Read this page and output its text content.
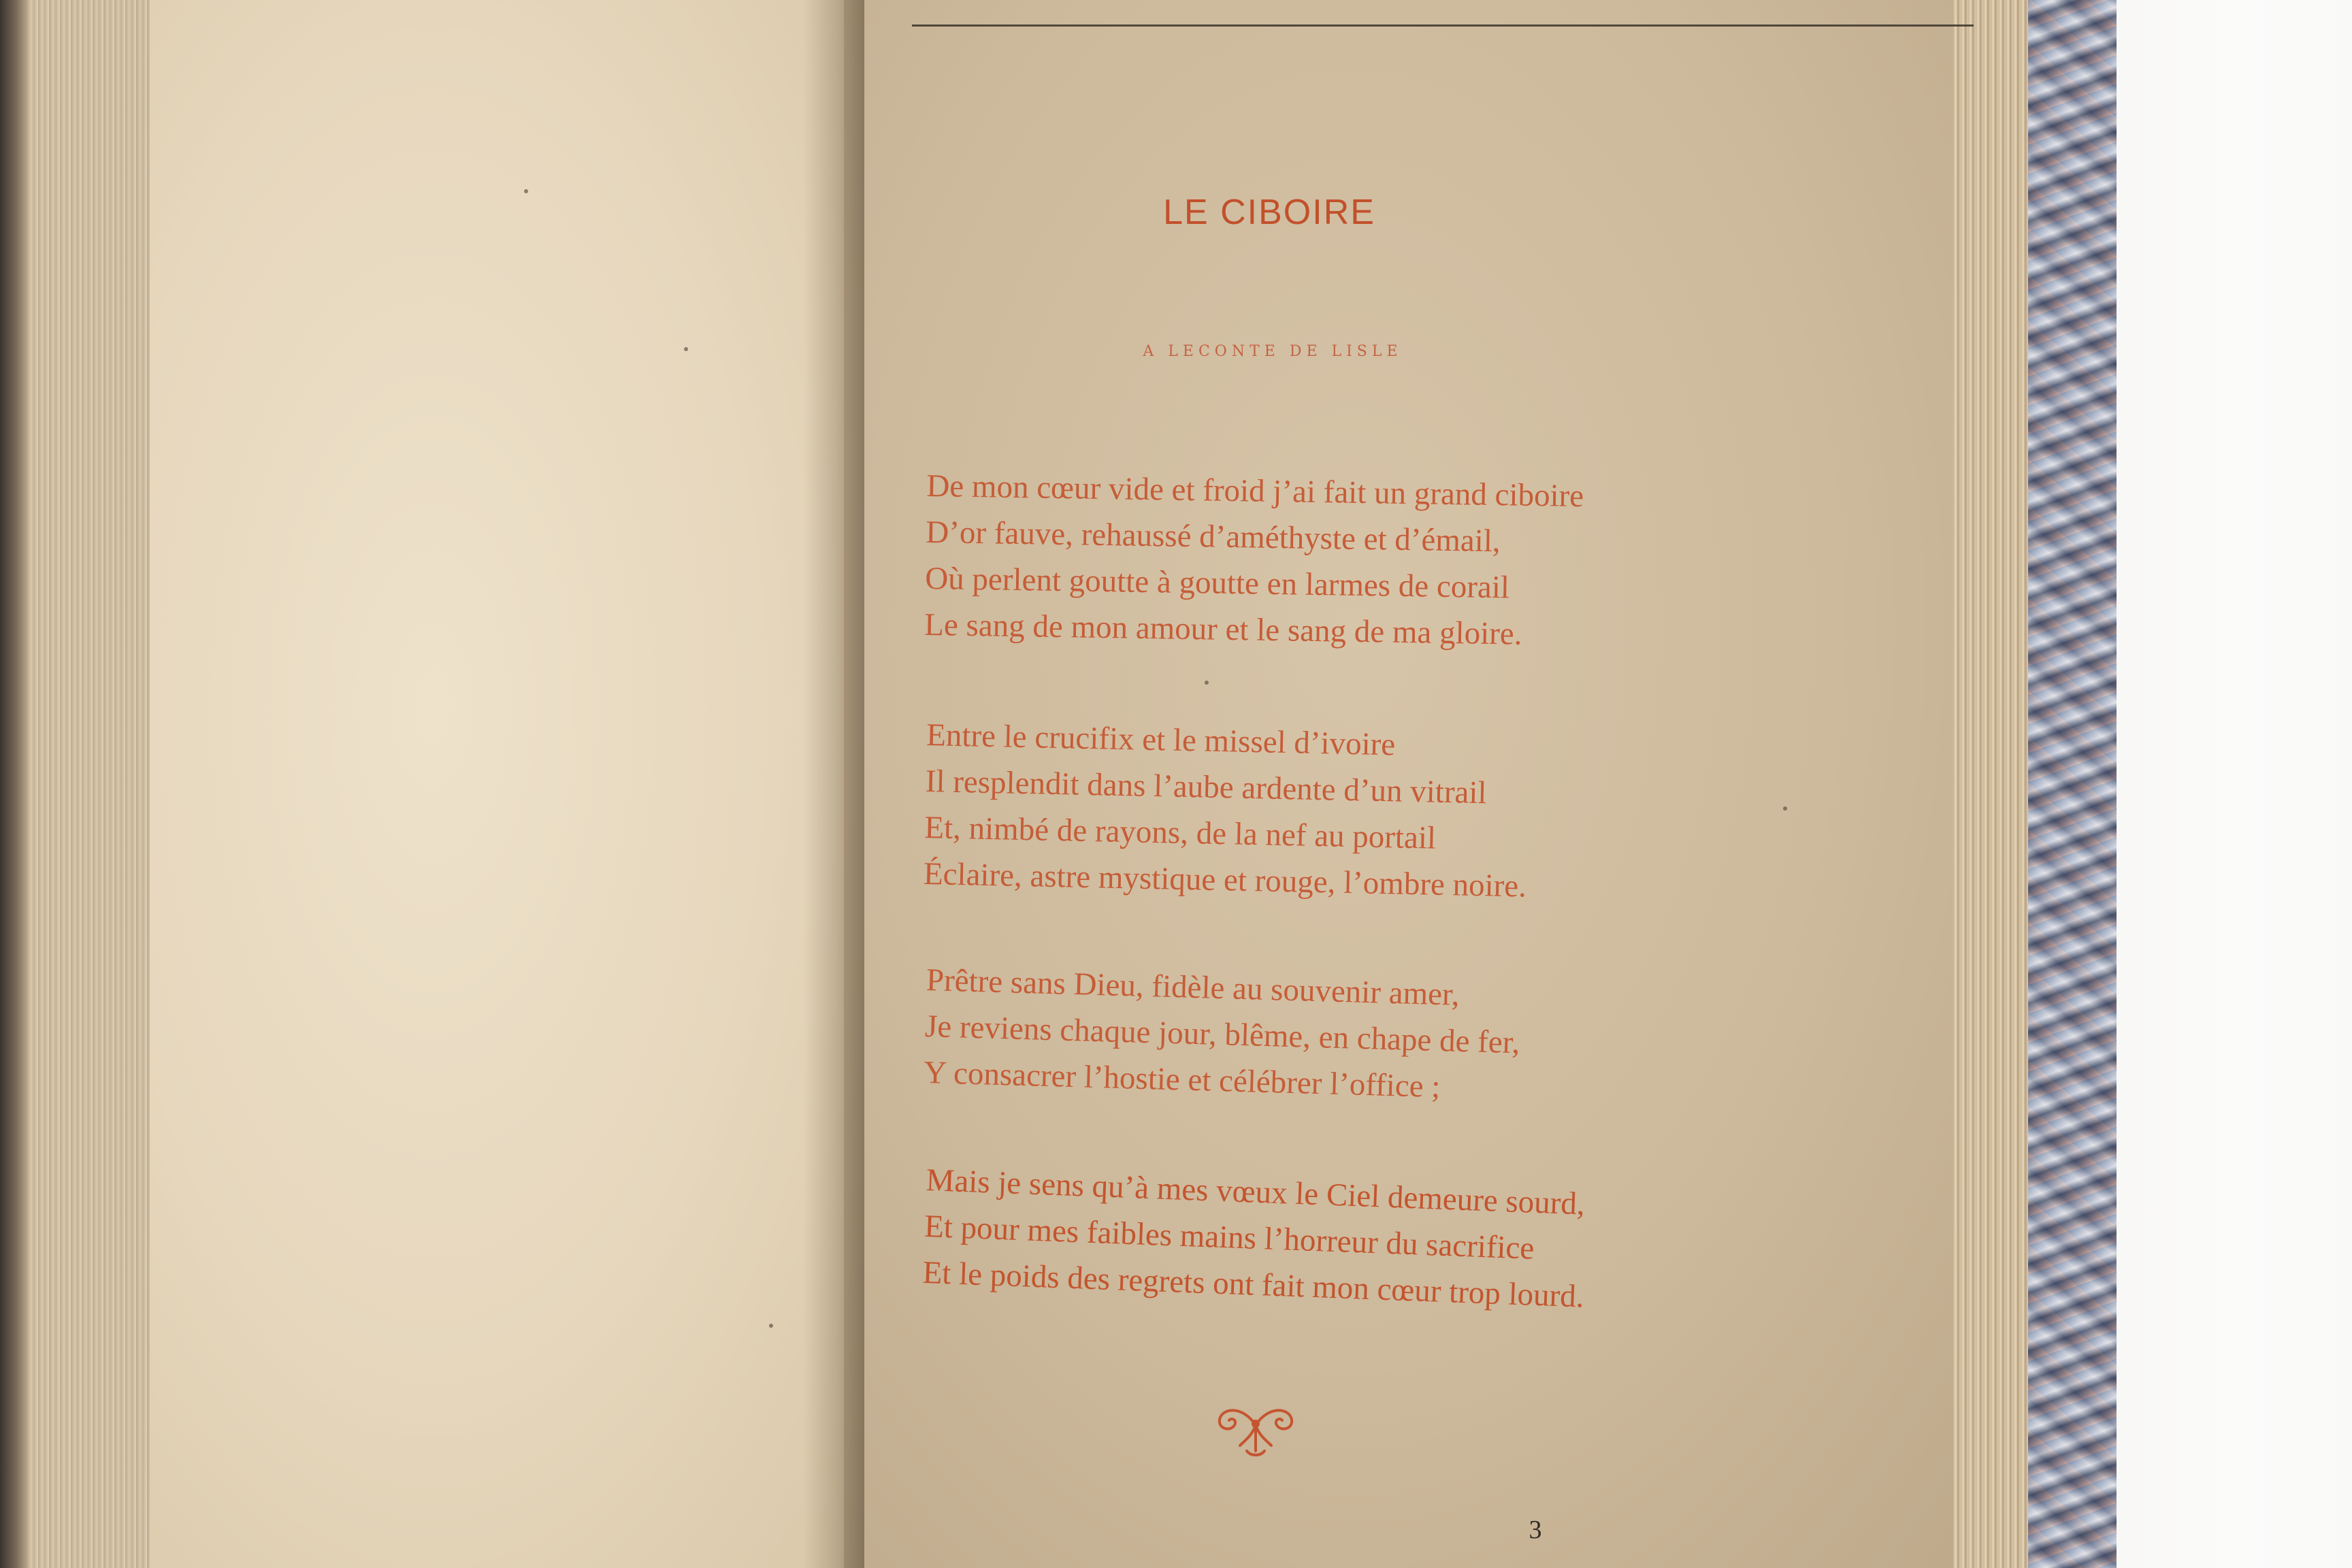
LE CIBOIRE
A LECONTE DE LISLE
De mon cœur vide et froid j’ai fait un grand ciboire
D’or fauve, rehaussé d’améthyste et d’émail,
Où perlent goutte à goutte en larmes de corail
Le sang de mon amour et le sang de ma gloire.
Entre le crucifix et le missel d’ivoire
Il resplendit dans l’aube ardente d’un vitrail
Et, nimbé de rayons, de la nef au portail
Éclaire, astre mystique et rouge, l’ombre noire.
Prêtre sans Dieu, fidèle au souvenir amer,
Je reviens chaque jour, blême, en chape de fer,
Y consacrer l’hostie et célébrer l’office ;
Mais je sens qu’à mes vœux le Ciel demeure sourd,
Et pour mes faibles mains l’horreur du sacrifice
Et le poids des regrets ont fait mon cœur trop lourd.
3
